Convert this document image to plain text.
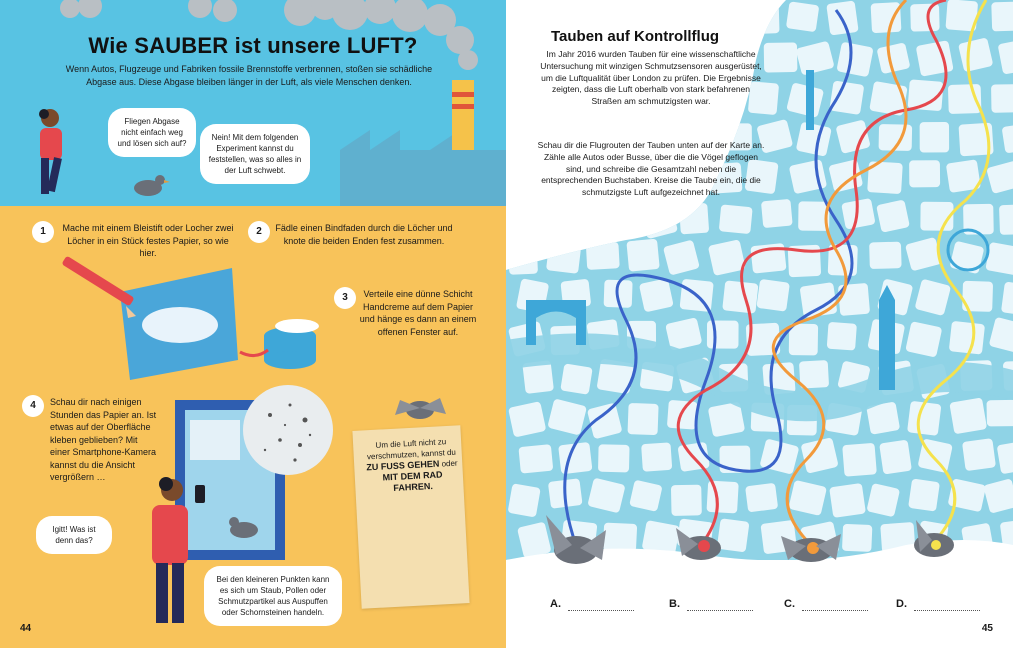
Wie SAUBER ist unsere LUFT?
Wenn Autos, Flugzeuge und Fabriken fossile Brennstoffe verbrennen, stoßen sie schädliche Abgase aus. Diese Abgase bleiben länger in der Luft, als viele Menschen denken.
Fliegen Abgase nicht einfach weg und lösen sich auf?
Nein! Mit dem folgenden Experiment kannst du feststellen, was so alles in der Luft schwebt.
1	Mache mit einem Bleistift oder Locher zwei Löcher in ein Stück festes Papier, so wie hier.
2	Fädle einen Bindfaden durch die Löcher und knote die beiden Enden fest zusammen.
3	Verteile eine dünne Schicht Handcreme auf dem Papier und hänge es dann an einem offenen Fenster auf.
4	Schau dir nach einigen Stunden das Papier an. Ist etwas auf der Oberfläche kleben geblieben? Mit einer Smartphone-Kamera kannst du die Ansicht vergrößern …
Igitt! Was ist denn das?
Bei den kleineren Punkten kann es sich um Staub, Pollen oder Schmutzpartikel aus Auspuffen oder Schornsteinen handeln.
Um die Luft nicht zu verschmutzen, kannst du ZU FUSS GEHEN oder MIT DEM RAD FAHREN.
44
Tauben auf Kontrollflug
Im Jahr 2016 wurden Tauben für eine wissenschaftliche Untersuchung mit winzigen Schmutzsensoren ausgerüstet, um die Luftqualität über London zu prüfen. Die Ergebnisse zeigten, dass die Luft oberhalb von stark befahrenen Straßen am schmutzigsten war.
Schau dir die Flugrouten der Tauben unten auf der Karte an. Zähle alle Autos oder Busse, über die die Vögel geflogen sind, und schreibe die Gesamtzahl neben die entsprechenden Buchstaben. Kreise die Taube ein, die die schmutzigste Luft aufgezeichnet hat.
A.	B.	C.	D.
45
